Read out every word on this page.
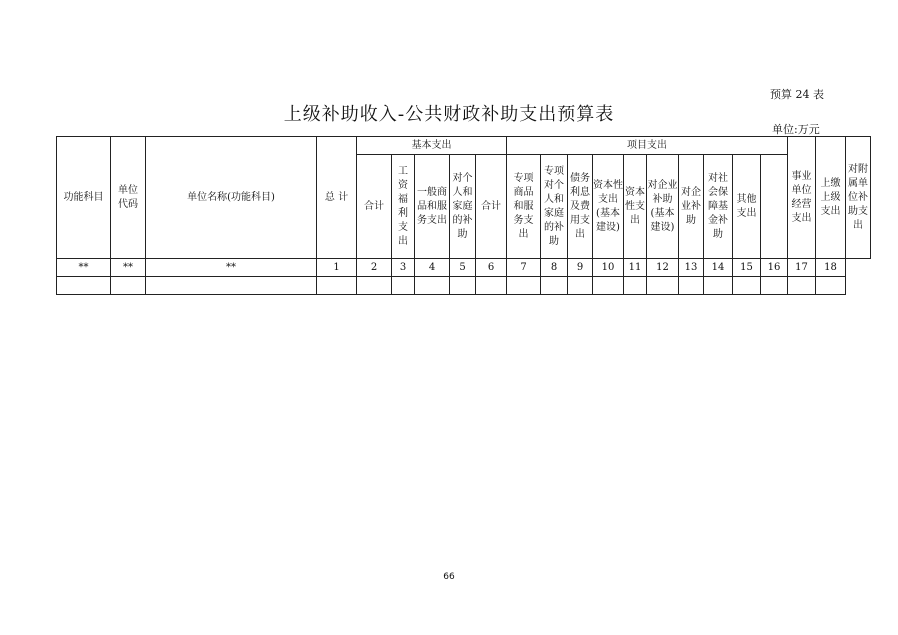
预算 24 表
上级补助收入-公共财政补助支出预算表
单位:万元
功能科目	单位代码	单位名称(功能科目)	总 计	基本支出					项目支出										事业单位经营支出	上缴上级支出	对附属单位补助支出

				合计	工资福利支出	一般商品和服务支出	对个人和家庭的补助	合计	专项商品和服务支出	专项对个人和家庭的补助	债务利息及费用支出	资本性支出(基本建设)	资本性支出	对企业补助(基本建设)	对企业补助	对社会保障基金补助	其他支出				

**	**	**	1	2	3	4	5	6	7	8	9	10	11	12	13	14	15	16	17	18	

66
